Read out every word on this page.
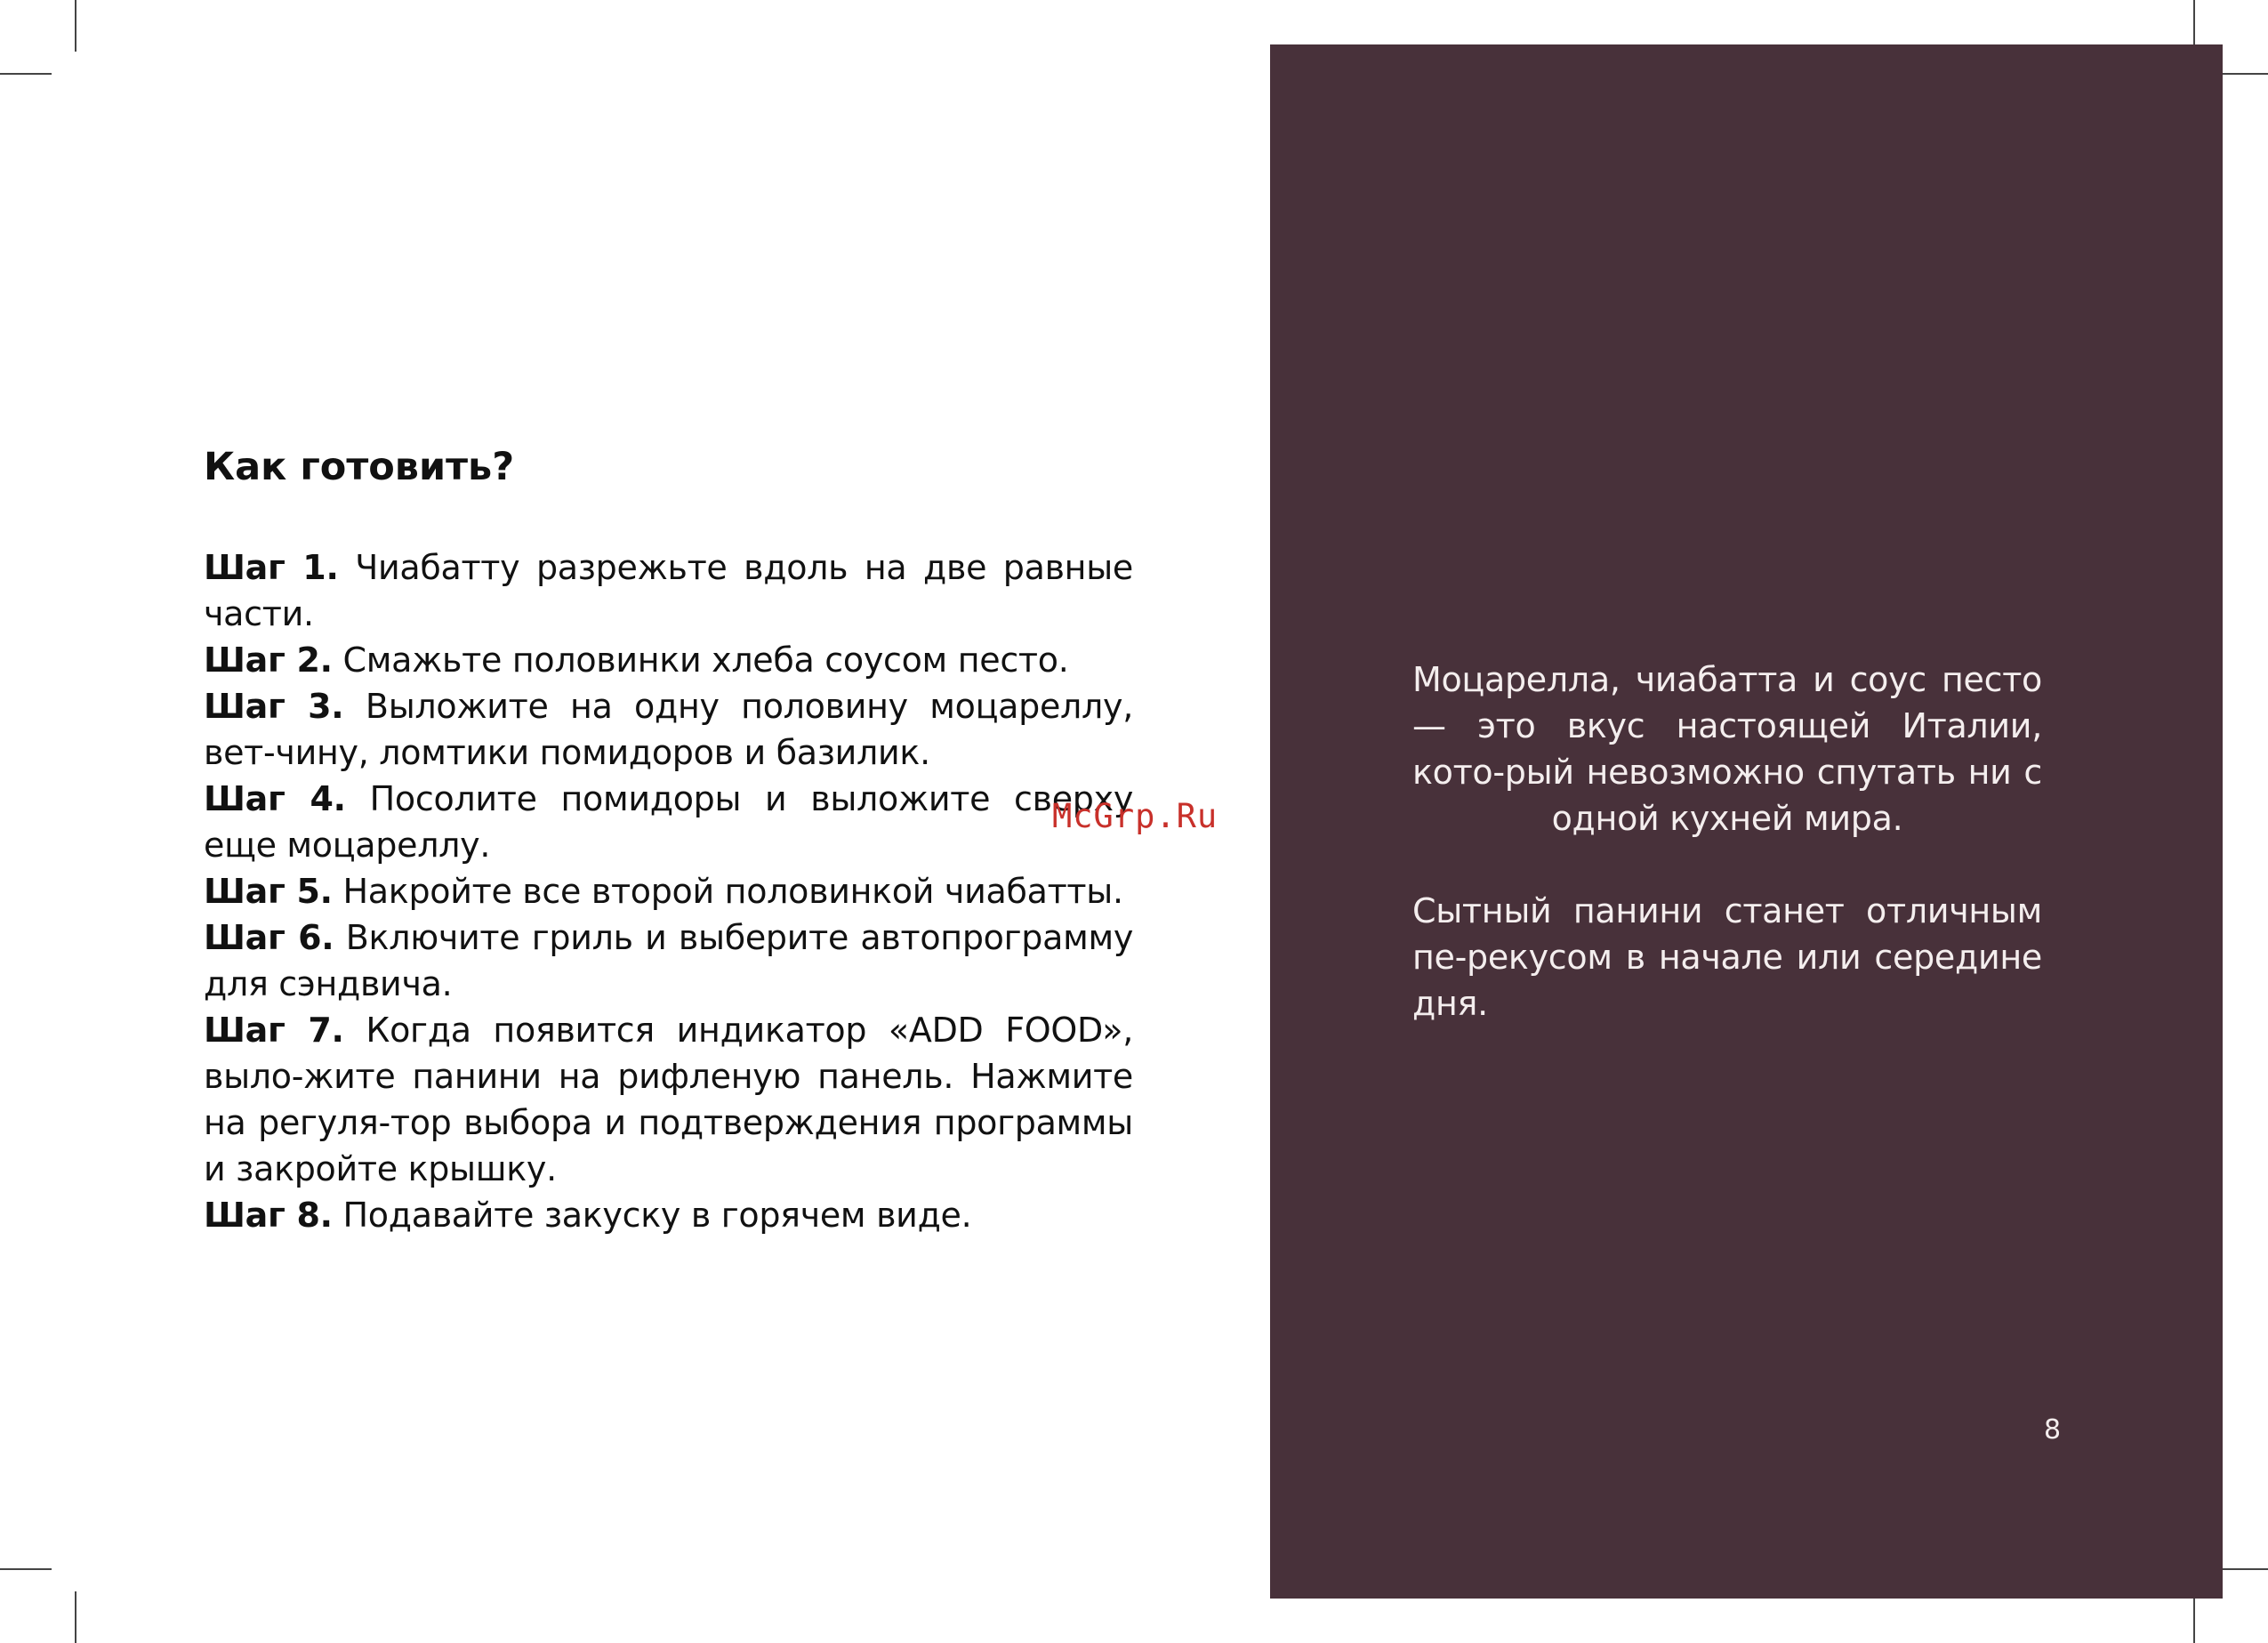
Как готовить?

Шаг 1. Чиабатту разрежьте вдоль на две равные части.

Шаг 2. Смажьте половинки хлеба соусом песто.

Шаг 3. Выложите на одну половину моцареллу, вет-чину, ломтики помидоров и базилик.

Шаг 4. Посолите помидоры и выложите сверху еще моцареллу.

Шаг 5. Накройте все второй половинкой чиабатты.

Шаг 6. Включите гриль и выберите автопрограмму для сэндвича.

Шаг 7. Когда появится индикатор «ADD FOOD», выло-жите панини на рифленую панель. Нажмите на регуля-тор выбора и подтверждения программы и закройте крышку.

Шаг 8. Подавайте закуску в горячем виде.

Моцарелла, чиабатта и соус песто — это вкус настоящей Италии, кото-рый невозможно спутать ни с одной кухней мира.

Сытный панини станет отличным пе-рекусом в начале или середине дня.

8
McGrp.Ru
